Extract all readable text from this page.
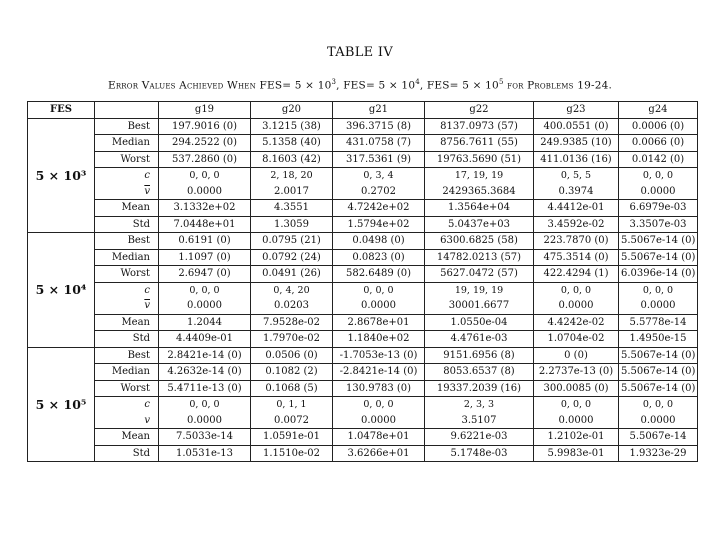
TABLE IV
Error Values Achieved When $FES= 5 \times 10^3$, $FES= 5 \times 10^4$, $FES= 5 \times 10^5$ for Problems 19-24.
FES		g19	g20	g21	g22	g23	g24
5 × 10³	Best	197.9016 (0)	3.1215 (38)	396.3715 (8)	8137.0973 (57)	400.0551 (0)	0.0006 (0)
	Median	294.2522 (0)	5.1358 (40)	431.0758 (7)	8756.7611 (55)	249.9385 (10)	0.0066 (0)
	Worst	537.2860 (0)	8.1603 (42)	317.5361 (9)	19763.5690 (51)	411.0136 (16)	0.0142 (0)
	c	0, 0, 0	2, 18, 20	0, 3, 4	17, 19, 19	0, 5, 5	0, 0, 0
	$\overline{v}$	0.0000	2.0017	0.2702	2429365.3684	0.3974	0.0000
	Mean	3.1332e+02	4.3551	4.7242e+02	1.3564e+04	4.4412e-01	6.6979e-03
	Std	7.0448e+01	1.3059	1.5794e+02	5.0437e+03	3.4592e-02	3.3507e-03
5 × 10⁴	Best	0.6191 (0)	0.0795 (21)	0.0498 (0)	6300.6825 (58)	223.7870 (0)	5.5067e-14 (0)
	Median	1.1097 (0)	0.0792 (24)	0.0823 (0)	14782.0213 (57)	475.3514 (0)	5.5067e-14 (0)
	Worst	2.6947 (0)	0.0491 (26)	582.6489 (0)	5627.0472 (57)	422.4294 (1)	6.0396e-14 (0)
	c	0, 0, 0	0, 4, 20	0, 0, 0	19, 19, 19	0, 0, 0	0, 0, 0
	$\overline{v}$	0.0000	0.0203	0.0000	30001.6677	0.0000	0.0000
	Mean	1.2044	7.9528e-02	2.8678e+01	1.0550e-04	4.4242e-02	5.5778e-14
	Std	4.4409e-01	1.7970e-02	1.1840e+02	4.4761e-03	1.0704e-02	1.4950e-15
5 × 10⁵	Best	2.8421e-14 (0)	0.0506 (0)	-1.7053e-13 (0)	9151.6956 (8)	0 (0)	5.5067e-14 (0)
	Median	4.2632e-14 (0)	0.1082 (2)	-2.8421e-14 (0)	8053.6537 (8)	2.2737e-13 (0)	5.5067e-14 (0)
	Worst	5.4711e-13 (0)	0.1068 (5)	130.9783 (0)	19337.2039 (16)	300.0085 (0)	5.5067e-14 (0)
	c	0, 0, 0	0, 1, 1	0, 0, 0	2, 3, 3	0, 0, 0	0, 0, 0
	v	0.0000	0.0072	0.0000	3.5107	0.0000	0.0000
	Mean	7.5033e-14	1.0591e-01	1.0478e+01	9.6221e-03	1.2102e-01	5.5067e-14
	Std	1.0531e-13	1.1510e-02	3.6266e+01	5.1748e-03	5.9983e-01	1.9323e-29
